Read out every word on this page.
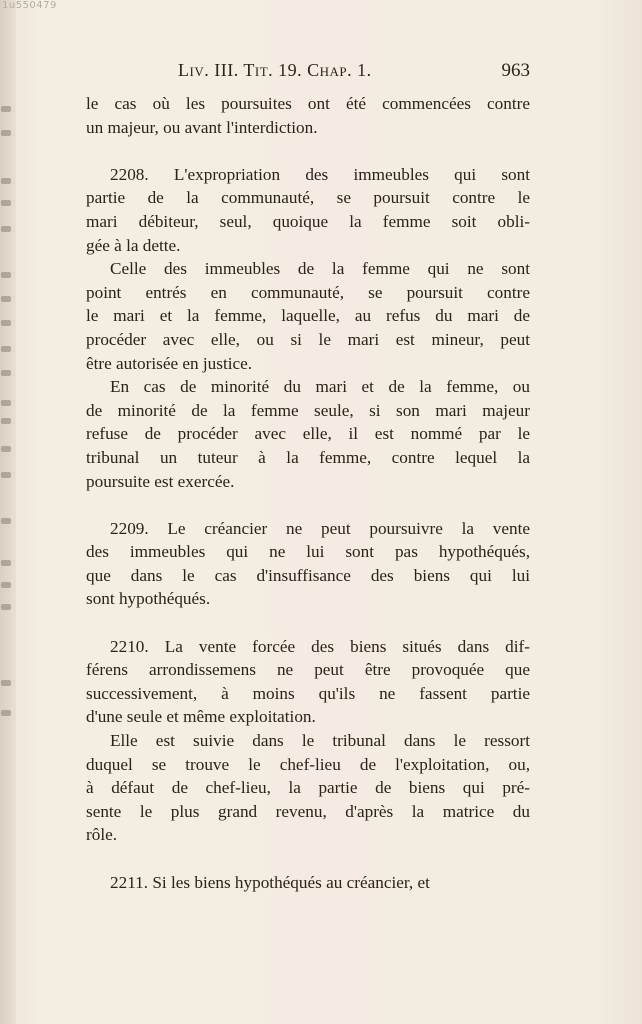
1u550479
Liv. III. Tit. 19. Chap. 1.	963
le cas où les poursuites ont été commencées contre
un majeur, ou avant l'interdiction.
2208. L'expropriation des immeubles qui sont
partie de la communauté, se poursuit contre le
mari débiteur, seul, quoique la femme soit obli-
gée à la dette.
Celle des immeubles de la femme qui ne sont
point entrés en communauté, se poursuit contre
le mari et la femme, laquelle, au refus du mari de
procéder avec elle, ou si le mari est mineur, peut
être autorisée en justice.
En cas de minorité du mari et de la femme, ou
de minorité de la femme seule, si son mari majeur
refuse de procéder avec elle, il est nommé par le
tribunal un tuteur à la femme, contre lequel la
poursuite est exercée.
2209. Le créancier ne peut poursuivre la vente
des immeubles qui ne lui sont pas hypothéqués,
que dans le cas d'insuffisance des biens qui lui
sont hypothéqués.
2210. La vente forcée des biens situés dans dif-
férens arrondissemens ne peut être provoquée que
successivement, à moins qu'ils ne fassent partie
d'une seule et même exploitation.
Elle est suivie dans le tribunal dans le ressort
duquel se trouve le chef-lieu de l'exploitation, ou,
à défaut de chef-lieu, la partie de biens qui pré-
sente le plus grand revenu, d'après la matrice du
rôle.
2211. Si les biens hypothéqués au créancier, et
